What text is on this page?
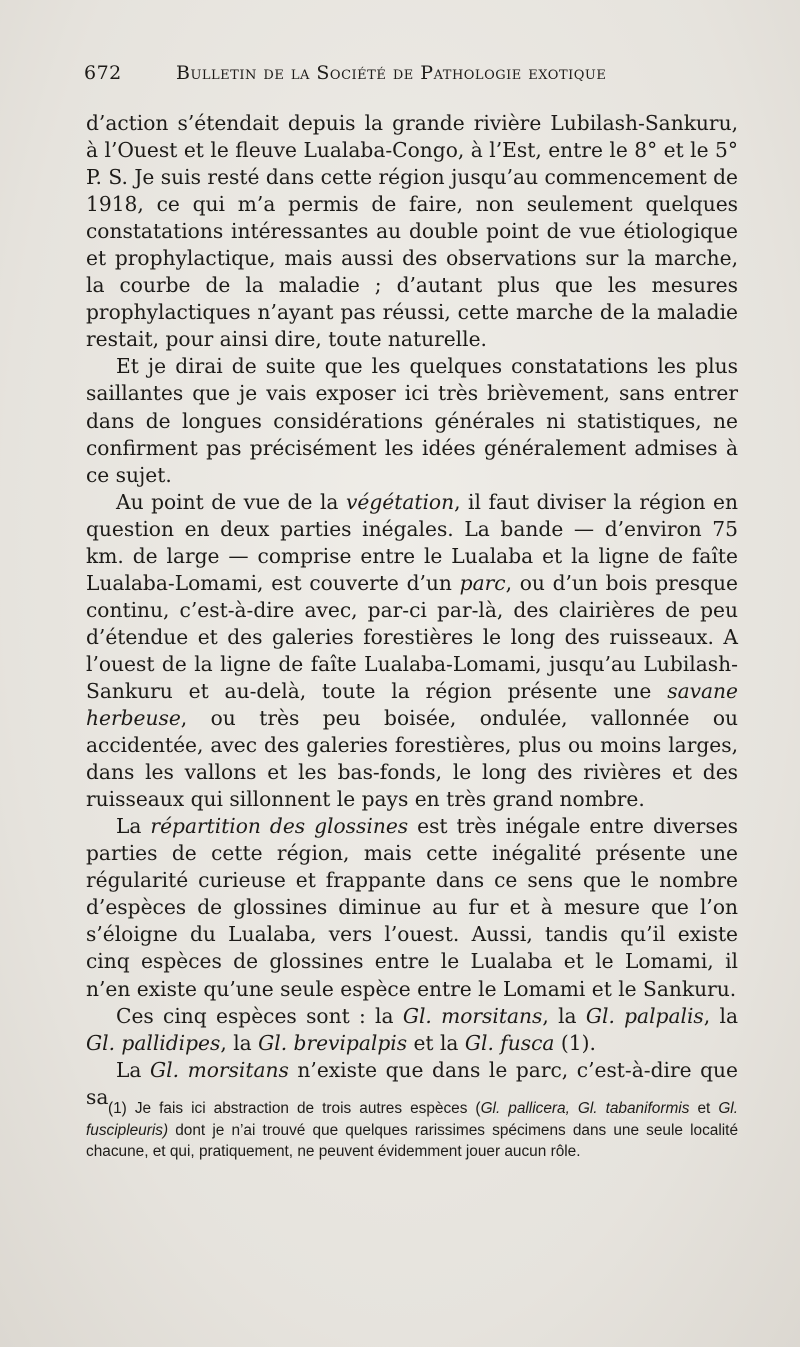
672	Bulletin de la Société de Pathologie exotique

d’action s’étendait depuis la grande rivière Lubilash-Sankuru, à l’Ouest et le fleuve Lualaba-Congo, à l’Est, entre le 8° et le 5° P. S. Je suis resté dans cette région jusqu’au commencement de 1918, ce qui m’a permis de faire, non seulement quelques constatations intéressantes au double point de vue étiologique et prophylactique, mais aussi des observations sur la marche, la courbe de la maladie ; d’autant plus que les mesures prophylactiques n’ayant pas réussi, cette marche de la maladie restait, pour ainsi dire, toute naturelle.

Et je dirai de suite que les quelques constatations les plus saillantes que je vais exposer ici très brièvement, sans entrer dans de longues considérations générales ni statistiques, ne confirment pas précisément les idées généralement admises à ce sujet.

Au point de vue de la végétation, il faut diviser la région en question en deux parties inégales. La bande — d’environ 75 km. de large — comprise entre le Lualaba et la ligne de faîte Lualaba-Lomami, est couverte d’un parc, ou d’un bois presque continu, c’est-à-dire avec, par-ci par-là, des clairières de peu d’étendue et des galeries forestières le long des ruisseaux. A l’ouest de la ligne de faîte Lualaba-Lomami, jusqu’au Lubilash-Sankuru et au-delà, toute la région présente une savane herbeuse, ou très peu boisée, ondulée, vallonnée ou accidentée, avec des galeries forestières, plus ou moins larges, dans les vallons et les bas-fonds, le long des rivières et des ruisseaux qui sillonnent le pays en très grand nombre.

La répartition des glossines est très inégale entre diverses parties de cette région, mais cette inégalité présente une régularité curieuse et frappante dans ce sens que le nombre d’espèces de glossines diminue au fur et à mesure que l’on s’éloigne du Lualaba, vers l’ouest. Aussi, tandis qu’il existe cinq espèces de glossines entre le Lualaba et le Lomami, il n’en existe qu’une seule espèce entre le Lomami et le Sankuru.

Ces cinq espèces sont : la Gl. morsitans, la Gl. palpalis, la Gl. pallidipes, la Gl. brevipalpis et la Gl. fusca (1).

La Gl. morsitans n’existe que dans le parc, c’est-à-dire que sa (1) Je fais ici abstraction de trois autres espèces (Gl. pallicera, Gl. tabaniformis et Gl. fuscipleuris) dont je n’ai trouvé que quelques rarissimes spécimens dans une seule localité chacune, et qui, pratiquement, ne peuvent évidemment jouer aucun rôle.
